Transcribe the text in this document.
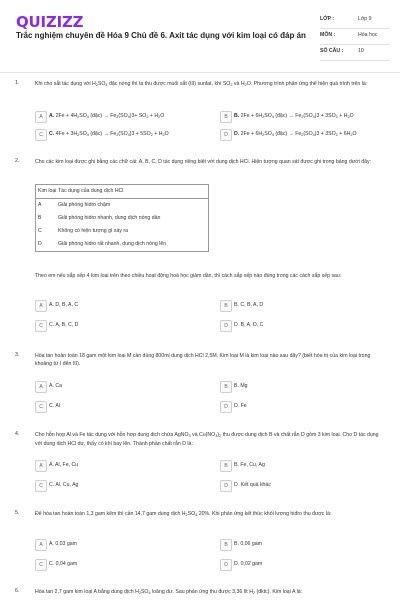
QUIZIZZ
Trắc nghiệm chuyên đề Hóa 9 Chủ đề 6. Axit tác dụng với kim loại có đáp án
LỚP :	Lớp 9
MÔN :	Hóa học
SỐ CÂU :	10
1.	Khi cho sắt tác dụng với $H_2SO_4$ đặc nóng thì ta thu được muối sắt (III) sunfat, khí $SO_2$ và $H_2O$. Phương trình phản ứng thể hiện quá trình trên là:
A	A. $2Fe + 4H_2SO_4$ (đặc) → $Fe_2(SO_4)3+ SO_2 + H_2O$	B	B. $2Fe + 6H_2SO_4$ (đặc) → $Fe_2(SO_4)3 + 3SO_2 + H_2O$
C	C. $4Fe + 3H_2SO_4$ (đặc) → $Fe_2(SO_4)3 + 5SO_2 + H_2O$	D	D. $2Fe + 6H_2SO_4$ (đặc) → $Fe_2(SO_4)3 + 3SO_2 + 6H_2O$
2.	Cho các kim loại được ghi bằng các chữ cái: A, B, C, D tác dụng riêng biệt với dung dịch HCl. Hiện tượng quan sát được ghi trong bảng dưới đây:
Kim loại Tác dụng của dung dịch HCl
A	Giải phóng hidro chậm
B	Giải phóng hidro nhanh, dung dịch nóng dần
C	Không có hiện tượng gì xảy ra
D	Giải phóng hidro rất nhanh, dung dịch nóng lên
Theo em nếu sắp xếp 4 kim loại trên theo chiều hoạt động hoá học giảm dần, thì cách sắp xếp nào đúng trong các cách sắp xếp sau:
A	A. D, B, A, C	B	B. C, B, A, D
C	C. A, B, C, D	D	D. B, A, D, C
3.	Hòa tan hoàn toàn 18 gam một kim loại M cần dùng 800ml dung dịch HCl 2,5M. Kim loại M là kim loại nào sau đây? (biết hóa trị của kim loại trong khoảng từ I đến III).
A	A. Ca	B	B. Mg
C	C. Al	D	D. Fe
4.	Cho hỗn hợp Al và Fe tác dụng với hỗn hợp dung dịch chứa AgNO$_3$ và $Cu(NO_3)_2$ thu được dung dịch B và chất rắn D gồm 3 kim loại. Cho D tác dụng với dung dịch HCl dư, thấy có khí bay lên. Thành phần chất rắn D là:
A	A. Al, Fe, Cu	B	B. Fe, Cu, Ag
C	C. Al, Cu, Ag	D	D. Kết quả khác
5.	Để hòa tan hoàn toàn 1,3 gam kẽm thì cần 14,7 gam dung dịch $H_2SO_4$ 20%. Khi phản ứng kết thúc khối lượng hiđro thu được là:
A	A. 0,03 gam	B	B. 0,06 gam
C	C. 0,04 gam	D	D. 0,02 gam
6.	Hòa tan 2,7 gam kim loại A bằng dung dịch $H_2SO_4$ loãng dư. Sau phản ứng thu được 3,36 lít $H_2$ (đktc). Kim loại A là:
